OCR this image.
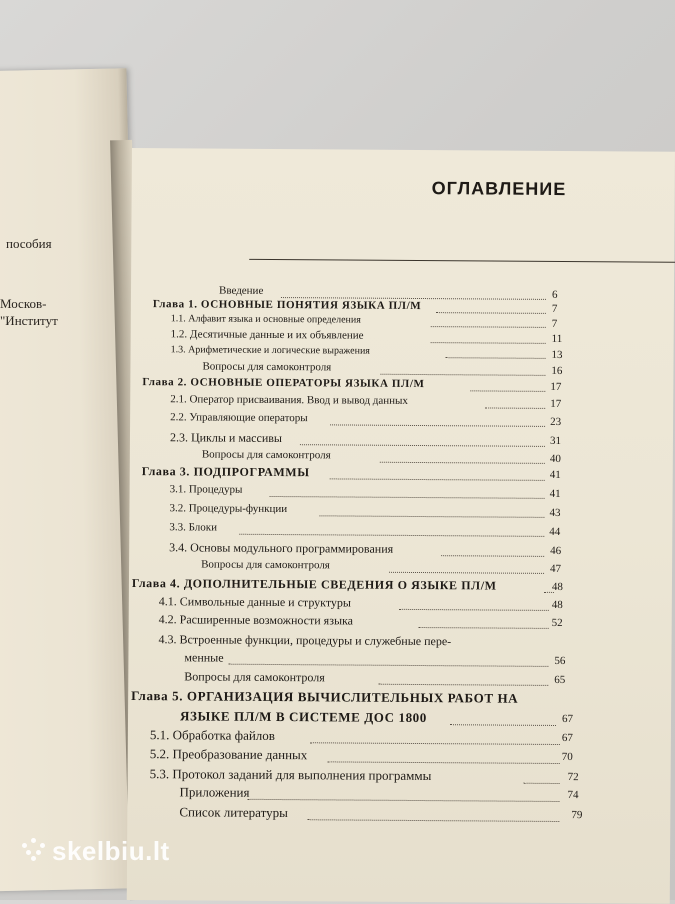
пособия
Москов-
"Институт
ОГЛАВЛЕНИЕ
Введение	6
Глава 1. ОСНОВНЫЕ ПОНЯТИЯ ЯЗЫКА ПЛ/М	7
1.1. Алфавит языка и основные определения	7
1.2. Десятичные данные и их объявление	11
1.3. Арифметические и логические выражения	13
Вопросы для самоконтроля	16
Глава 2. ОСНОВНЫЕ ОПЕРАТОРЫ ЯЗЫКА ПЛ/М	17
2.1. Оператор присваивания. Ввод и вывод данных	17
2.2. Управляющие операторы	23
2.3. Циклы и массивы	31
Вопросы для самоконтроля	40
Глава 3. ПОДПРОГРАММЫ	41
3.1. Процедуры	41
3.2. Процедуры-функции	43
3.3. Блоки	44
3.4. Основы модульного программирования	46
Вопросы для самоконтроля	47
Глава 4. ДОПОЛНИТЕЛЬНЫЕ СВЕДЕНИЯ О ЯЗЫКЕ ПЛ/М	48
4.1. Символьные данные и структуры	48
4.2. Расширенные возможности языка	52
4.3. Встроенные функции, процедуры и служебные пере-
менные	56
Вопросы для самоконтроля	65
Глава 5. ОРГАНИЗАЦИЯ ВЫЧИСЛИТЕЛЬНЫХ РАБОТ НА
ЯЗЫКЕ ПЛ/М В СИСТЕМЕ ДОС 1800	67
5.1. Обработка файлов	67
5.2. Преобразование данных	70
5.3. Протокол заданий для выполнения программы	72
Приложения	74
Список литературы	79
skelbiu.lt
